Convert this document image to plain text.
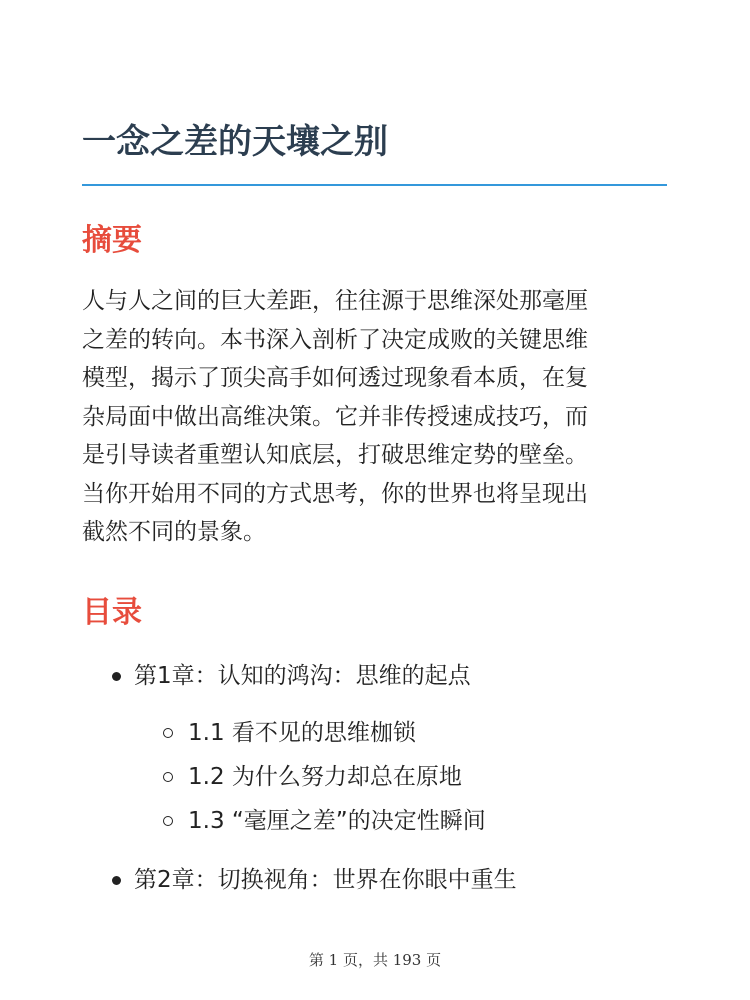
一念之差的天壤之别
摘要

人与人之间的巨大差距，往往源于思维深处那毫厘
之差的转向。本书深入剖析了决定成败的关键思维
模型，揭示了顶尖高手如何透过现象看本质，在复
杂局面中做出高维决策。它并非传授速成技巧，而
是引导读者重塑认知底层，打破思维定势的壁垒。
当你开始用不同的方式思考，你的世界也将呈现出
截然不同的景象。

目录
第1章：认知的鸿沟：思维的起点
1.1 看不见的思维枷锁
1.2 为什么努力却总在原地
1.3 “毫厘之差”的决定性瞬间
第2章：切换视角：世界在你眼中重生
第 1 页，共 193 页
